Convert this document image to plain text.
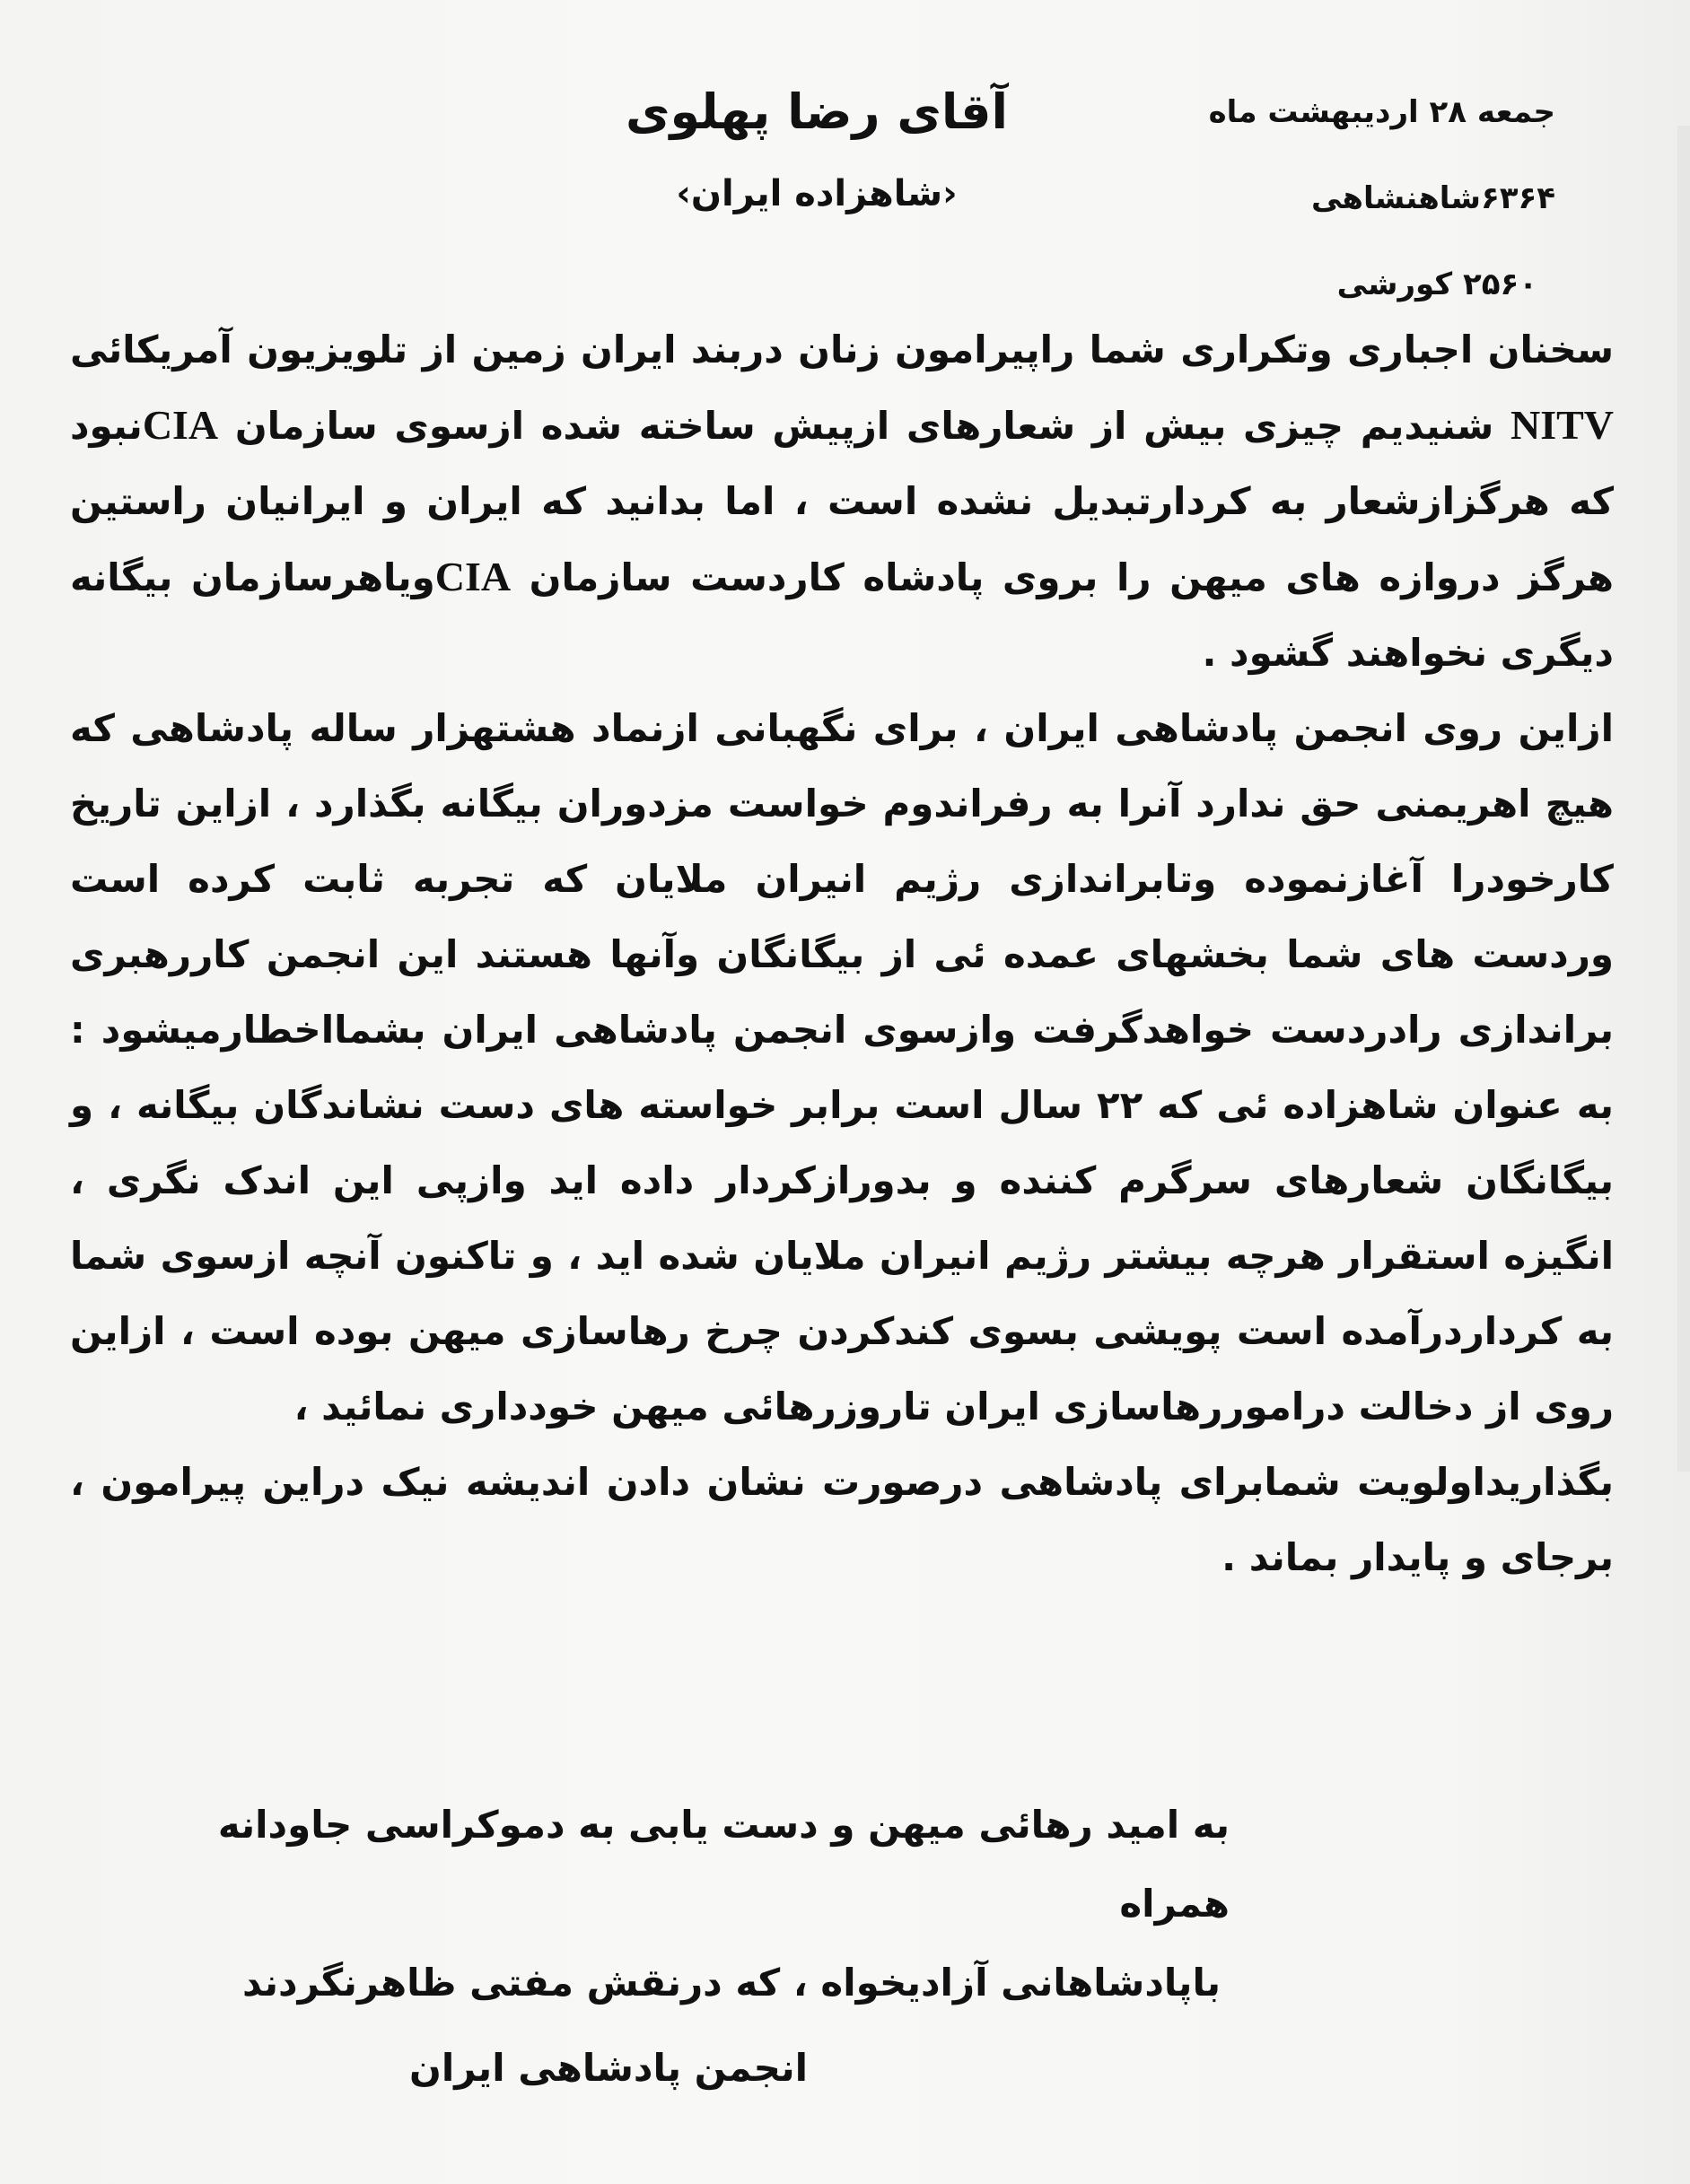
آقای رضا پهلوی
‹شاهزاده ایران›
جمعه ۲۸ اردیبهشت ماه
۶۳۶۴شاهنشاهی
۲۵۶۰ کورشی

سخنان اجباری وتکراری شما راپیرامون زنان دربند ایران زمین از تلویزیون آمریکائی NITV شنیدیم چیزی بیش از شعارهای ازپیش ساخته شده ازسوی سازمان CIAنبود که هرگزازشعار به کردارتبدیل نشده است ، اما بدانید که ایران و ایرانیان راستین هرگز دروازه های میهن را بروی پادشاه کاردست سازمان CIAویاهرسازمان بیگانه دیگری نخواهند گشود .

ازاین روی انجمن پادشاهی ایران ، برای نگهبانی ازنماد هشتهزار ساله پادشاهی که هیچ اهریمنی حق ندارد آنرا به رفراندوم خواست مزدوران بیگانه بگذارد ، ازاین تاریخ کارخودرا آغازنموده وتابراندازی رژیم انیران ملایان که تجربه ثابت کرده است وردست های شما بخشهای عمده ئی از بیگانگان وآنها هستند این انجمن کاررهبری براندازی رادردست خواهدگرفت وازسوی انجمن پادشاهی ایران بشمااخطارمیشود : به عنوان شاهزاده ئی که ۲۲ سال است برابر خواسته های دست نشاندگان بیگانه ، و بیگانگان شعارهای سرگرم کننده و بدورازکردار داده اید وازپی این اندک نگری ، انگیزه استقرار هرچه بیشتر رژیم انیران ملایان شده اید ، و تاکنون آنچه ازسوی شما به کرداردرآمده است پویشی بسوی کندکردن چرخ رهاسازی میهن بوده است ، ازاین روی از دخالت دراموررهاسازی ایران تاروزرهائی میهن خودداری نمائید ،

بگذاریداولویت شمابرای پادشاهی درصورت نشان دادن اندیشه نیک دراین پیرامون ، برجای و پایدار بماند .

به امید رهائی میهن و دست یابی به دموکراسی جاودانه همراه
باپادشاهانی آزادیخواه ، که درنقش مفتی ظاهرنگردند
انجمن پادشاهی ایران
